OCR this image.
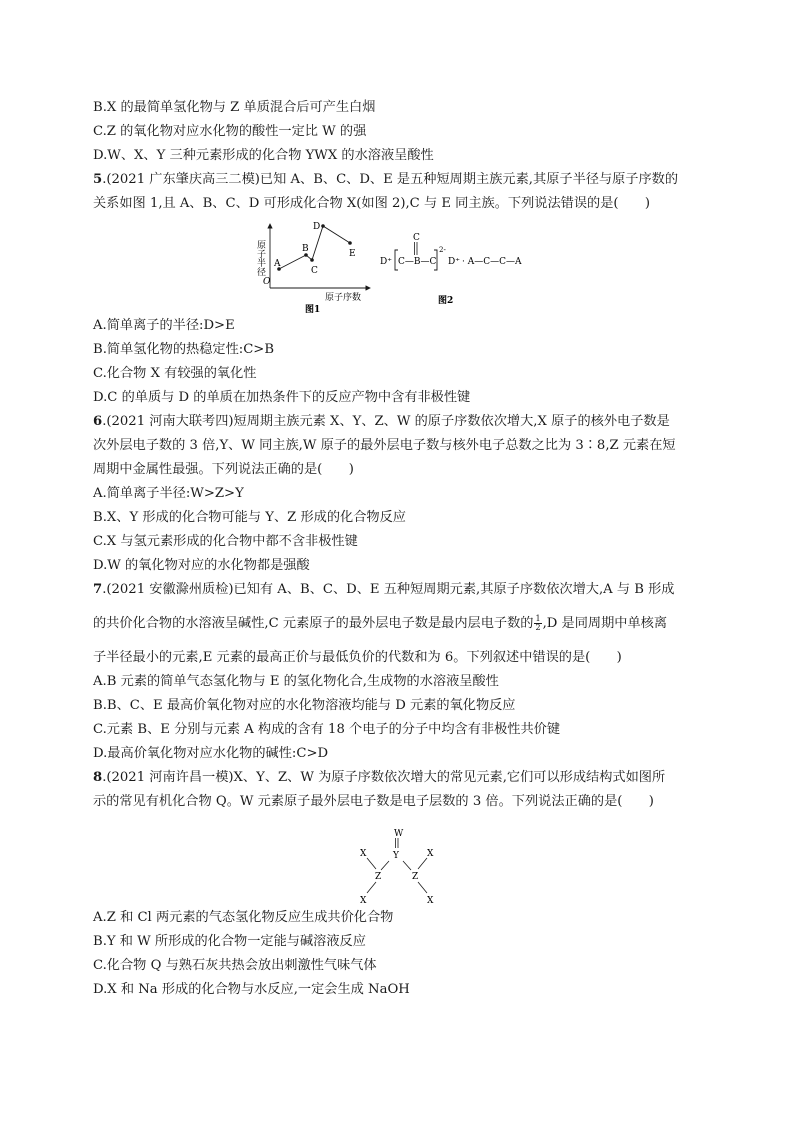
B.X 的最简单氢化物与 Z 单质混合后可产生白烟
C.Z 的氧化物对应水化物的酸性一定比 W 的强
D.W、X、Y 三种元素形成的化合物 YWX 的水溶液呈酸性
5.(2021 广东肇庆高三二模)已知 A、B、C、D、E 是五种短周期主族元素,其原子半径与原子序数的
关系如图 1,且 A、B、C、D 可形成化合物 X(如图 2),C 与 E 同主族。下列说法错误的是(　　)
A.简单离子的半径:D>E
B.简单氢化物的热稳定性:C>B
C.化合物 X 有较强的氧化性
D.C 的单质与 D 的单质在加热条件下的反应产物中含有非极性键
6.(2021 河南大联考四)短周期主族元素 X、Y、Z、W 的原子序数依次增大,X 原子的核外电子数是
次外层电子数的 3 倍,Y、W 同主族,W 原子的最外层电子数与核外电子总数之比为 3∶8,Z 元素在短
周期中金属性最强。下列说法正确的是(　　)
A.简单离子半径:W>Z>Y
B.X、Y 形成的化合物可能与 Y、Z 形成的化合物反应
C.X 与氢元素形成的化合物中都不含非极性键
D.W 的氧化物对应的水化物都是强酸
7.(2021 安徽滁州质检)已知有 A、B、C、D、E 五种短周期元素,其原子序数依次增大,A 与 B 形成
的共价化合物的水溶液呈碱性,C 元素原子的最外层电子数是最内层电子数的 $\frac{1}{2} ,D$ 是同周期中单核离
子半径最小的元素,E 元素的最高正价与最低负价的代数和为 6。下列叙述中错误的是(　　)
A.B 元素的简单气态氢化物与 E 的氢化物化合,生成物的水溶液呈酸性
B.B、C、E 最高价氧化物对应的水化物溶液均能与 D 元素的氧化物反应
C.元素 B、E 分别与元素 A 构成的含有 18 个电子的分子中均含有非极性共价键
D.最高价氧化物对应水化物的碱性:C>D
8.(2021 河南许昌一模)X、Y、Z、W 为原子序数依次增大的常见元素,它们可以形成结构式如图所
示的常见有机化合物 Q。W 元素原子最外层电子数是电子层数的 3 倍。下列说法正确的是(　　)
A.Z 和 Cl 两元素的气态氢化物反应生成共价化合物
B.Y 和 W 所形成的化合物一定能与碱溶液反应
C.化合物 Q 与熟石灰共热会放出刺激性气味气体
D.X 和 Na 形成的化合物与水反应,一定会生成 NaOH
原子半径
O
原子序数
A
B
C
D
E
图1
D⁺ C—B—C
C
2-
D⁺ · A—C—C—A
图2
W
Y
X	X
Z	Z
X	X
